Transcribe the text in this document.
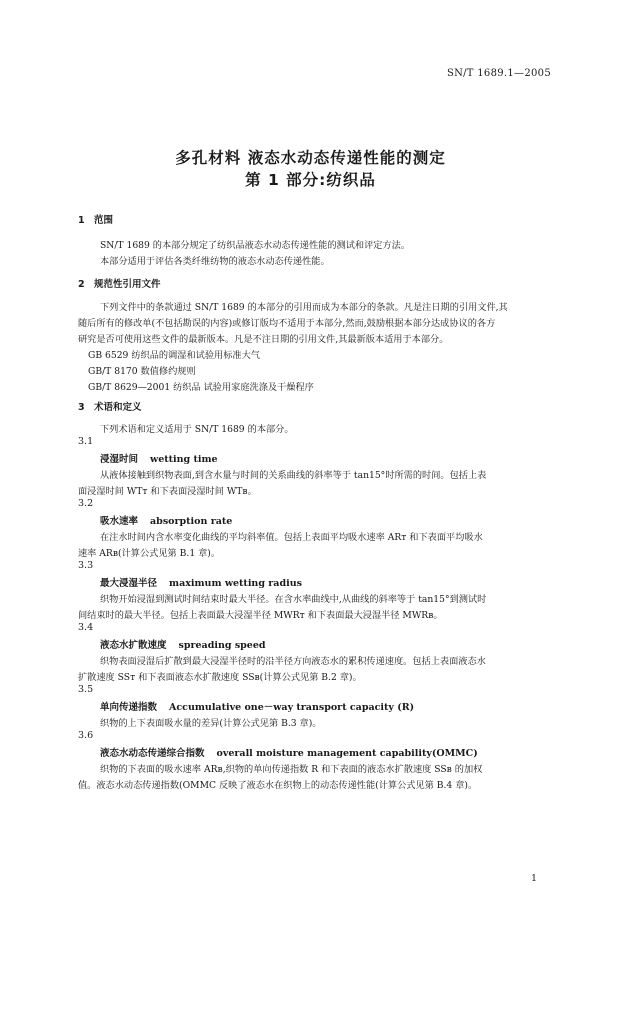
SN/T 1689.1—2005
多孔材料 液态水动态传递性能的测定
第 1 部分:纺织品
1 范围
SN/T 1689 的本部分规定了纺织品液态水动态传递性能的测试和评定方法。
本部分适用于评估各类纤维纺物的液态水动态传递性能。
2 规范性引用文件
下列文件中的条款通过 SN/T 1689 的本部分的引用而成为本部分的条款。凡是注日期的引用文件,其
随后所有的修改单(不包括勘误的内容)或修订版均不适用于本部分,然而,鼓励根据本部分达成协议的各方
研究是否可使用这些文件的最新版本。凡是不注日期的引用文件,其最新版本适用于本部分。
GB 6529 纺织品的调湿和试验用标准大气
GB/T 8170 数值修约规则
GB/T 8629—2001 纺织品 试验用家庭洗涤及干燥程序
3 术语和定义
下列术语和定义适用于 SN/T 1689 的本部分。
3.1
浸湿时间 wetting time
从液体接触到织物表面,到含水量与时间的关系曲线的斜率等于 tan15°时所需的时间。包括上表
面浸湿时间 WTᴛ 和下表面浸湿时间 WTʙ。
3.2
吸水速率 absorption rate
在注水时间内含水率变化曲线的平均斜率值。包括上表面平均吸水速率 ARᴛ 和下表面平均吸水
速率 ARʙ(计算公式见第 B.1 章)。
3.3
最大浸湿半径 maximum wetting radius
织物开始浸湿到测试时间结束时最大半径。在含水率曲线中,从曲线的斜率等于 tan15°到测试时
间结束时的最大半径。包括上表面最大浸湿半径 MWRᴛ 和下表面最大浸湿半径 MWRʙ。
3.4
液态水扩散速度 spreading speed
织物表面浸湿后扩散到最大浸湿半径时的沿半径方向液态水的累积传递速度。包括上表面液态水
扩散速度 SSᴛ 和下表面液态水扩散速度 SSʙ(计算公式见第 B.2 章)。
3.5
单向传递指数 Accumulative one－way transport capacity (R)
织物的上下表面吸水量的差异(计算公式见第 B.3 章)。
3.6
液态水动态传递综合指数 overall moisture management capability(OMMC)
织物的下表面的吸水速率 ARʙ,织物的单向传递指数 R 和下表面的液态水扩散速度 SSʙ 的加权
值。液态水动态传递指数(OMMC 反映了液态水在织物上的动态传递性能(计算公式见第 B.4 章)。
1
